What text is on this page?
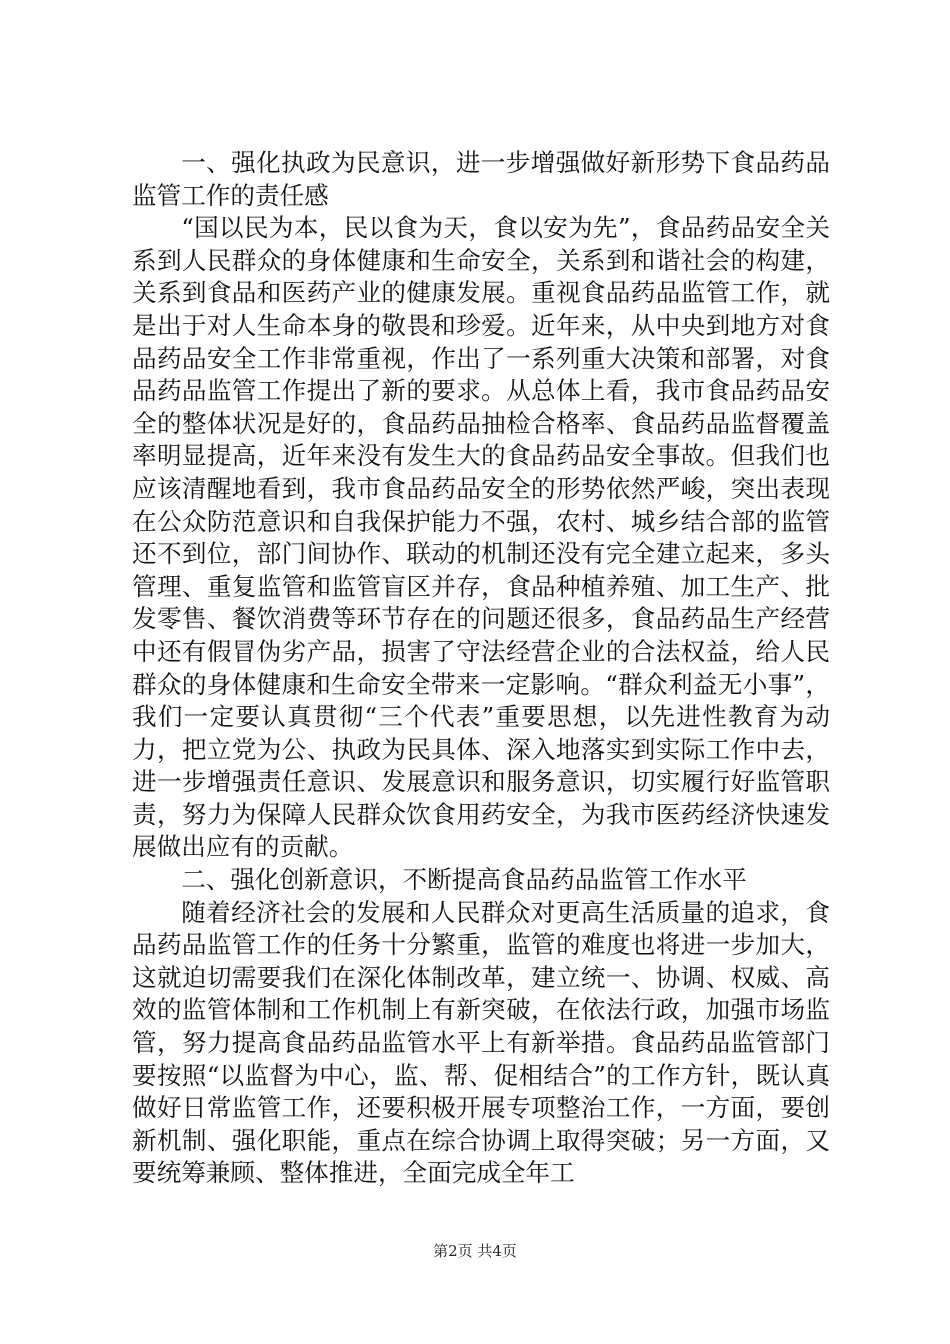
一、强化执政为民意识，进一步增强做好新形势下食品药品监管工作的责任感

“国以民为本，民以食为天，食以安为先”，食品药品安全关系到人民群众的身体健康和生命安全，关系到和谐社会的构建，关系到食品和医药产业的健康发展。重视食品药品监管工作，就是出于对人生命本身的敬畏和珍爱。近年来，从中央到地方对食品药品安全工作非常重视，作出了一系列重大决策和部署，对食品药品监管工作提出了新的要求。从总体上看，我市食品药品安全的整体状况是好的，食品药品抽检合格率、食品药品监督覆盖率明显提高，近年来没有发生大的食品药品安全事故。但我们也应该清醒地看到，我市食品药品安全的形势依然严峻，突出表现在公众防范意识和自我保护能力不强，农村、城乡结合部的监管还不到位，部门间协作、联动的机制还没有完全建立起来，多头管理、重复监管和监管盲区并存，食品种植养殖、加工生产、批发零售、餐饮消费等环节存在的问题还很多，食品药品生产经营中还有假冒伪劣产品，损害了守法经营企业的合法权益，给人民群众的身体健康和生命安全带来一定影响。“群众利益无小事”，我们一定要认真贯彻“三个代表”重要思想，以先进性教育为动力，把立党为公、执政为民具体、深入地落实到实际工作中去，进一步增强责任意识、发展意识和服务意识，切实履行好监管职责，努力为保障人民群众饮食用药安全，为我市医药经济快速发展做出应有的贡献。

二、强化创新意识，不断提高食品药品监管工作水平

随着经济社会的发展和人民群众对更高生活质量的追求，食品药品监管工作的任务十分繁重，监管的难度也将进一步加大，这就迫切需要我们在深化体制改革，建立统一、协调、权威、高效的监管体制和工作机制上有新突破，在依法行政，加强市场监管，努力提高食品药品监管水平上有新举措。食品药品监管部门要按照“以监督为中心，监、帮、促相结合”的工作方针，既认真做好日常监管工作，还要积极开展专项整治工作，一方面，要创新机制、强化职能，重点在综合协调上取得突破；另一方面，又要统筹兼顾、整体推进，全面完成全年工

第2页 共4页
